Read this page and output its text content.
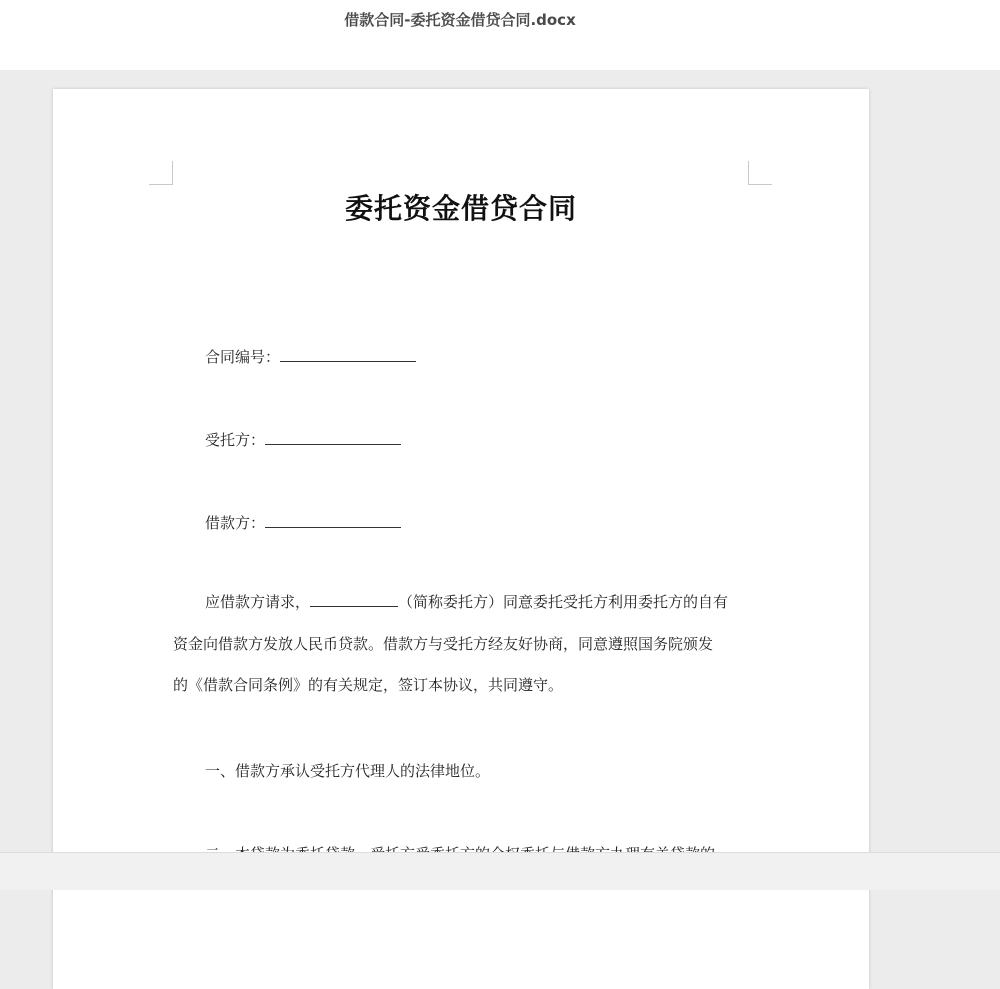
借款合同-委托资金借贷合同.docx
委托资金借贷合同
合同编号：
受托方：
借款方：
应借款方请求，	（简称委托方）同意委托受托方利用委托方的自有
资金向借款方发放人民币贷款。借款方与受托方经友好协商，同意遵照国务院颁发
的《借款合同条例》的有关规定，签订本协议，共同遵守。
一、借款方承认受托方代理人的法律地位。
